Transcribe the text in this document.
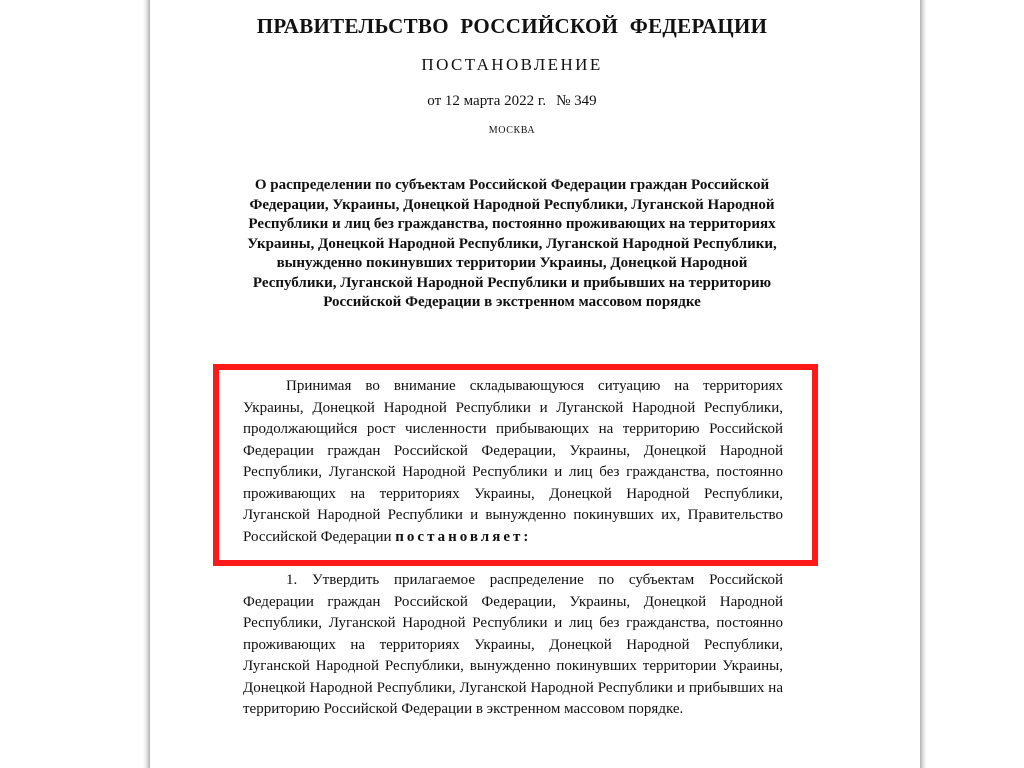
ПРАВИТЕЛЬСТВО РОССИЙСКОЙ ФЕДЕРАЦИИ
ПОСТАНОВЛЕНИЕ
от 12 марта 2022 г. № 349
МОСКВА
О распределении по субъектам Российской Федерации граждан Российской Федерации, Украины, Донецкой Народной Республики, Луганской Народной Республики и лиц без гражданства, постоянно проживающих на территориях Украины, Донецкой Народной Республики, Луганской Народной Республики, вынужденно покинувших территории Украины, Донецкой Народной Республики, Луганской Народной Республики и прибывших на территорию Российской Федерации в экстренном массовом порядке
Принимая во внимание складывающуюся ситуацию на территориях Украины, Донецкой Народной Республики и Луганской Народной Республики, продолжающийся рост численности прибывающих на территорию Российской Федерации граждан Российской Федерации, Украины, Донецкой Народной Республики, Луганской Народной Республики и лиц без гражданства, постоянно проживающих на территориях Украины, Донецкой Народной Республики, Луганской Народной Республики и вынужденно покинувших их, Правительство Российской Федерации постановляет:
1. Утвердить прилагаемое распределение по субъектам Российской Федерации граждан Российской Федерации, Украины, Донецкой Народной Республики, Луганской Народной Республики и лиц без гражданства, постоянно проживающих на территориях Украины, Донецкой Народной Республики, Луганской Народной Республики, вынужденно покинувших территории Украины, Донецкой Народной Республики, Луганской Народной Республики и прибывших на территорию Российской Федерации в экстренном массовом порядке.
